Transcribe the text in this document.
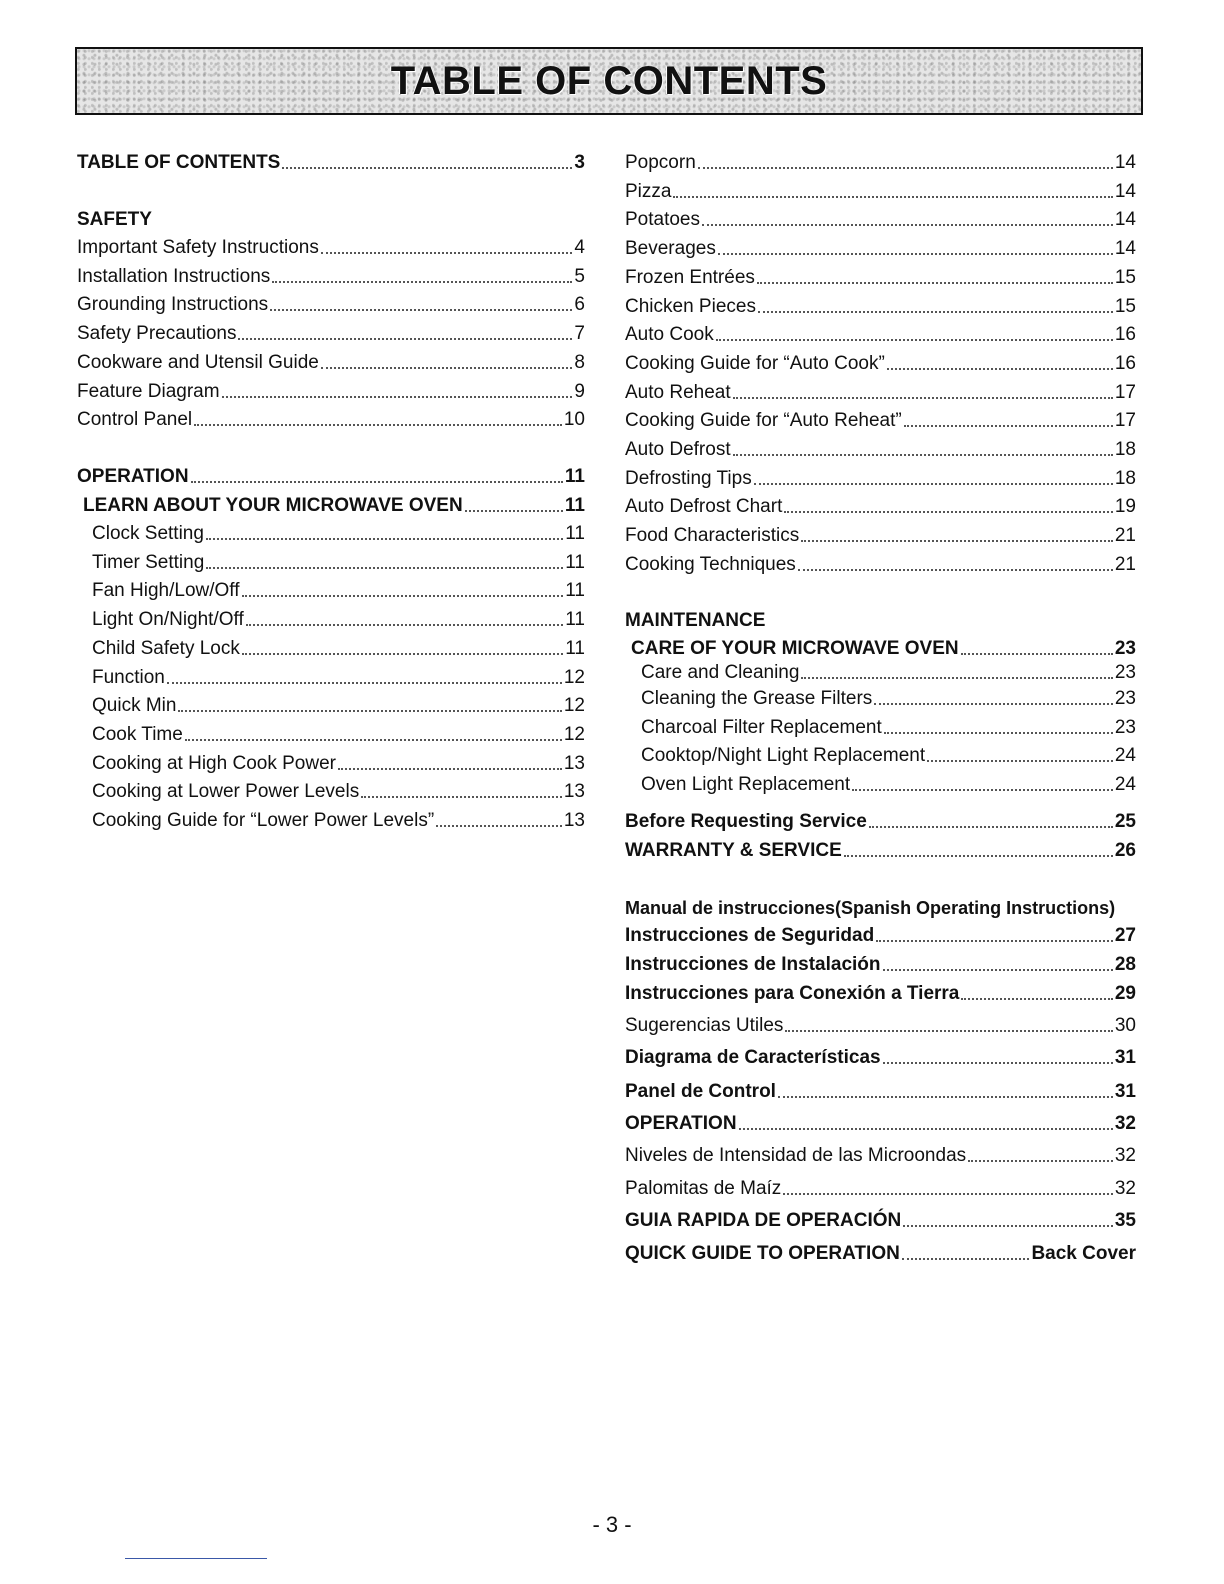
TABLE OF CONTENTS
TABLE OF CONTENTS	3
SAFETY
Important Safety Instructions	4
Installation Instructions	5
Grounding Instructions	6
Safety Precautions	7
Cookware and Utensil Guide	8
Feature Diagram	9
Control Panel	10
OPERATION	11
LEARN ABOUT YOUR MICROWAVE OVEN	11
Clock Setting	11
Timer Setting	11
Fan High/Low/Off	11
Light On/Night/Off	11
Child Safety Lock	11
Function	12
Quick Min	12
Cook Time	12
Cooking at High Cook Power	13
Cooking at Lower Power Levels	13
Cooking Guide for “Lower Power Levels”	13
Popcorn	14
Pizza	14
Potatoes	14
Beverages	14
Frozen Entrées	15
Chicken Pieces	15
Auto Cook	16
Cooking Guide for “Auto Cook”	16
Auto Reheat	17
Cooking Guide for “Auto Reheat”	17
Auto Defrost	18
Defrosting Tips	18
Auto Defrost Chart	19
Food Characteristics	21
Cooking Techniques	21
MAINTENANCE
CARE OF YOUR MICROWAVE OVEN	23
Care and Cleaning	23
Cleaning the Grease Filters	23
Charcoal Filter Replacement	23
Cooktop/Night Light Replacement	24
Oven Light Replacement	24
Before Requesting Service	25
WARRANTY & SERVICE	26
Manual de instrucciones(Spanish Operating Instructions)
Instrucciones de Seguridad	27
Instrucciones de Instalación	28
Instrucciones para Conexión a Tierra	29
Sugerencias Utiles	30
Diagrama de Características	31
Panel de Control	31
OPERATION	32
Niveles de Intensidad de las Microondas	32
Palomitas de Maíz	32
GUIA RAPIDA DE OPERACIÓN	35
QUICK GUIDE TO OPERATION	Back Cover
- 3 -
